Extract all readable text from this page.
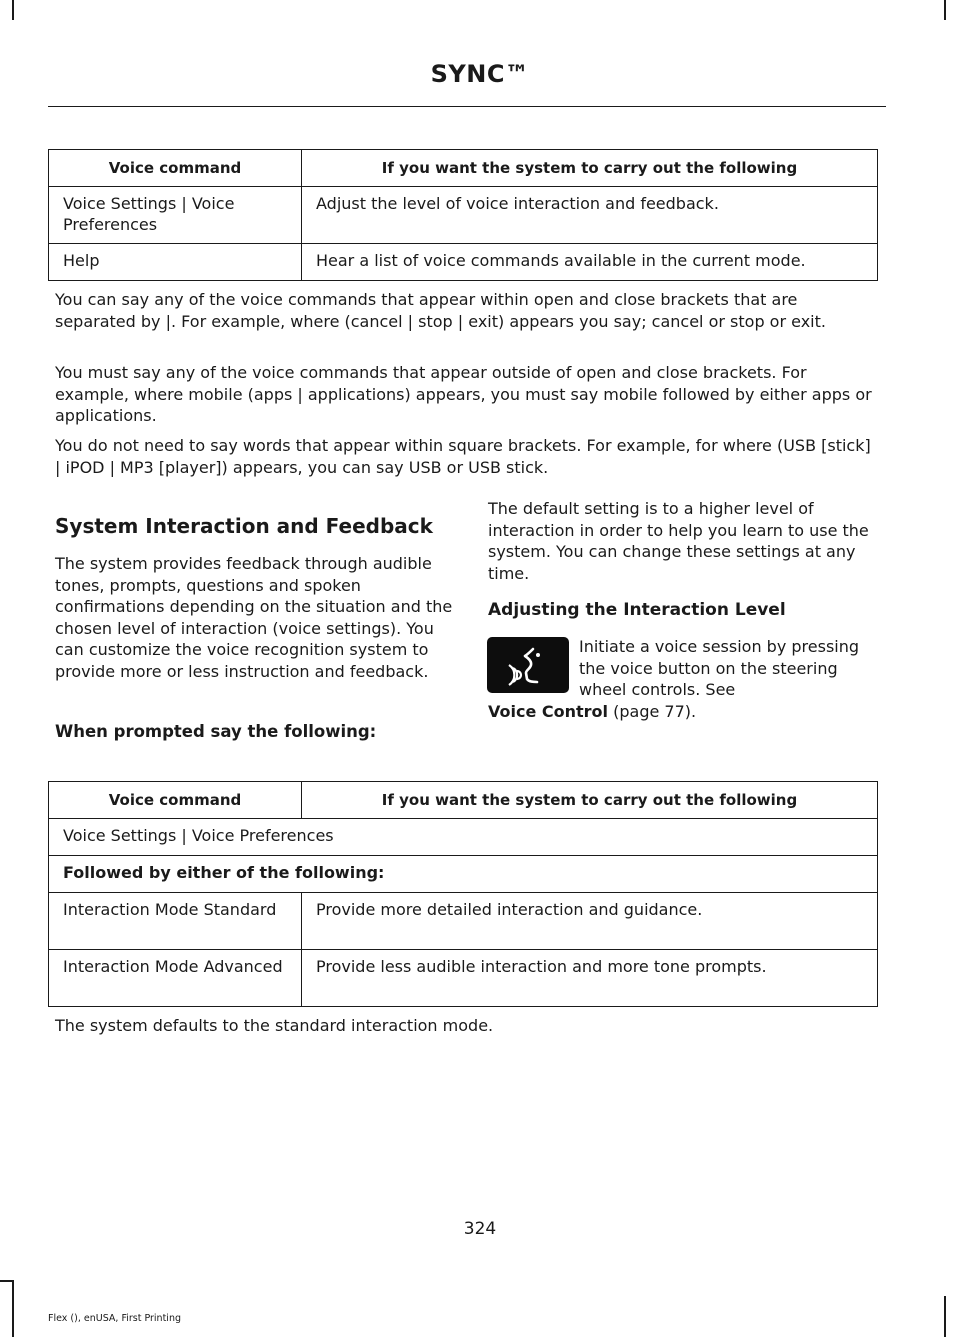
SYNC™
Voice command	If you want the system to carry out the following
Voice Settings | Voice Preferences	Adjust the level of voice interaction and feedback.
Help	Hear a list of voice commands available in the current mode.
You can say any of the voice commands that appear within open and close brackets that are separated by |. For example, where (cancel | stop | exit) appears you say; cancel or stop or exit.
You must say any of the voice commands that appear outside of open and close brackets. For example, where mobile (apps | applications) appears, you must say mobile followed by either apps or applications.
You do not need to say words that appear within square brackets. For example, for where (USB [stick] | iPOD | MP3 [player]) appears, you can say USB or USB stick.
System Interaction and Feedback
The system provides feedback through audible tones, prompts, questions and spoken confirmations depending on the situation and the chosen level of interaction (voice settings). You can customize the voice recognition system to provide more or less instruction and feedback.
The default setting is to a higher level of interaction in order to help you learn to use the system. You can change these settings at any time.
Adjusting the Interaction Level
Initiate a voice session by pressing the voice button on the steering wheel controls. See
Voice Control (page 77).
When prompted say the following:
Voice command	If you want the system to carry out the following
Voice Settings | Voice Preferences	
Followed by either of the following:	
Interaction Mode Standard	Provide more detailed interaction and guidance.
Interaction Mode Advanced	Provide less audible interaction and more tone prompts.
The system defaults to the standard interaction mode.
324
Flex (), enUSA, First Printing
